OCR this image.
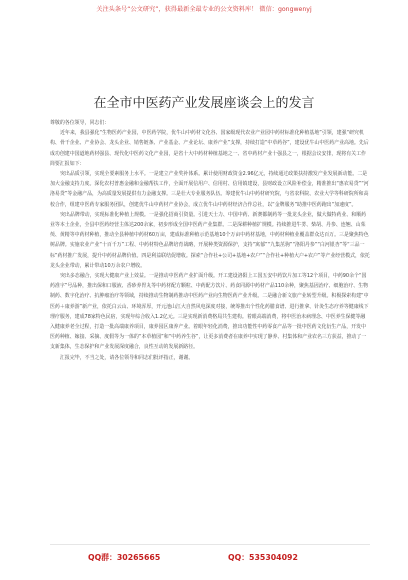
关注头条号“公文研究”，获得最新全最专业的公文资料库！ 微信：gongwenyj
在全市中医药产业发展座谈会上的发言
尊敬的各位领导，同志们：

近年来，我县强化“生物医药产业园，中医药学院，优牛山中药材文化谷、国家级现代农业产业园中药材标准化种植基地”引领，建强“研究机构、骨干企业、产业协会、龙头企业、销售链条、产业基金、产业论坛、康养产业”支撑，持续打造“中草药谷”，建设优牛山中医药产业高地。先后成功创建中国道地药材强县、现代化中医药文化产业园，是省十大中药材种植基地之一、省中药材产业十强县之一，根据会议安排，现将有关工作简要汇报如下：

突出品质引领，实现全要素服务上水平。一是建立产业奖补体系。累计使用财政资金2.96亿元，持续通过政策扶持激发产业发展新动能。二是加大金融支持力度。深化农村普惠金融和金融帮扶工作，全面开展信用户、信用村、信用镇建设，县财政设立风险补偿金，精准推出“惠农易贷”“河洛易贷”等金融产品，为高质量发展提供有力金融支撑。三是壮大专业服务队伍。筹建优牛山中药材研究院，与省农科院、农业大学等科研院所和高校合作，组建中医药专家服务团队，创建优牛山中药材产业协会，成立优牛山中药材经济合作总社，以“金牌服务”助推中医药跑出“加速度”。

突出品牌带动，实现标准化种植上规模。一是强化招商引资量。引进天士力、中国中药、新赛都制药等一批龙头企业，做大做特药业、和顺药业等本土企业，全县中医药经营主体达200余家，初步形成全国中医药产业集群。二是深耕种植扩规模。持续推进牛蒡、柴胡、丹参、连翘、山茱萸、黄精等中药材种植，推动全县种植中药材60万亩，建成标准种植示范基地10个万亩中药材基地，中药材种植业覆盖群众达百万。三是聚焦特色树品牌。实施农业产业“十百千万”工程、中药材特色品牌培育战略，开展种类资源保护，支持“寓郁”“九集茁驹”“洛阳丹参”“白河银杏”等“三品一标”药材推广发展，提升中药材品牌价值。四是利益联结促增收。探索“合作社+公司+基地+农户”“合作社+种植大户+农户”等产业经营模式，依托龙头企业带动，累计带动10万余农户增收。

突出多态融合，实现大健康产业上效益。一是推动中医药产业扩面升级。开工建设洛阳上工国五安中药饮片加工等12个项目，中药90余个“国药准字”号品种，推出保和口服液、香砂养胃丸等中药材配方颗粒、中药配方饮片、药食同源中药材产品110余种，聚焦基因治疗、细胞治疗、生物制药、数字化治疗、抗肿瘤治疗等领域，持续推动生物制药推动中医药产业向生物医药产业升级。二是融合新文旅产业转型升级。积极探索构建“中医药＋康养游”新产业，依托白云山、环境浑厚，开元池山江大自然风电深度对接，统筹推出个性化药膳食谱、进行推拿、针灸生态疗养等健康线下理疗服务，建成78家特色民宿，实现年综合收入1.2亿元。三是实现新消费格局共生建构。着眼高端消费，将中医治未病理念、中医养生保健等融入健康养老全过程，打造一批高端康养项目，康养园区康养产业。着眼年轻化消费，推出功能性中药零食产品等一批中医药文化衍生产品，开发中医药种植、嫁接、采摘、度假等为一体的“本草植园”和“中药养生谷”，让更多消费者在康养中实现了静养、村集体和产业农名三方获益，推动了一支新集体，生态保护和产业发展深度融合，良性互动的发展新路径。

汇报完毕，不当之处，请各位领导和同志们批评指正，谢谢。

QQ群：30265665	QQ：535304092
